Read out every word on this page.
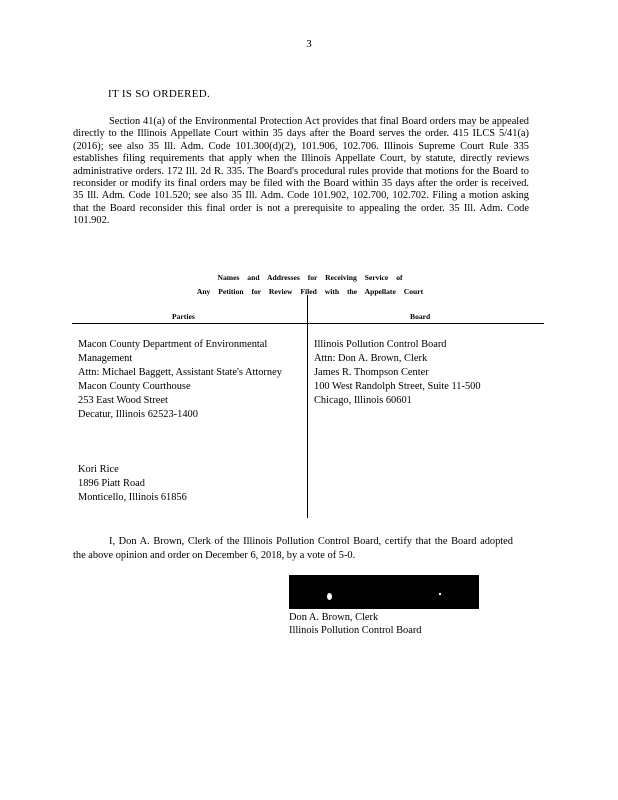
3
IT IS SO ORDERED.
Section 41(a) of the Environmental Protection Act provides that final Board orders may be appealed directly to the Illinois Appellate Court within 35 days after the Board serves the order. 415 ILCS 5/41(a) (2016); see also 35 Ill. Adm. Code 101.300(d)(2), 101.906, 102.706. Illinois Supreme Court Rule 335 establishes filing requirements that apply when the Illinois Appellate Court, by statute, directly reviews administrative orders. 172 Ill. 2d R. 335. The Board's procedural rules provide that motions for the Board to reconsider or modify its final orders may be filed with the Board within 35 days after the order is received. 35 Ill. Adm. Code 101.520; see also 35 Ill. Adm. Code 101.902, 102.700, 102.702. Filing a motion asking that the Board reconsider this final order is not a prerequisite to appealing the order. 35 Ill. Adm. Code 101.902.
Names and Addresses for Receiving Service of
Any Petition for Review Filed with the Appellate Court
Parties	Board
Macon County Department of Environmental Management
Attn: Michael Baggett, Assistant State's Attorney
Macon County Courthouse
253 East Wood Street
Decatur, Illinois 62523-1400
Kori Rice
1896 Piatt Road
Monticello, Illinois 61856
Illinois Pollution Control Board
Attn: Don A. Brown, Clerk
James R. Thompson Center
100 West Randolph Street, Suite 11-500
Chicago, Illinois 60601
I, Don A. Brown, Clerk of the Illinois Pollution Control Board, certify that the Board adopted the above opinion and order on December 6, 2018, by a vote of 5-0.
Don A. Brown, Clerk
Illinois Pollution Control Board
